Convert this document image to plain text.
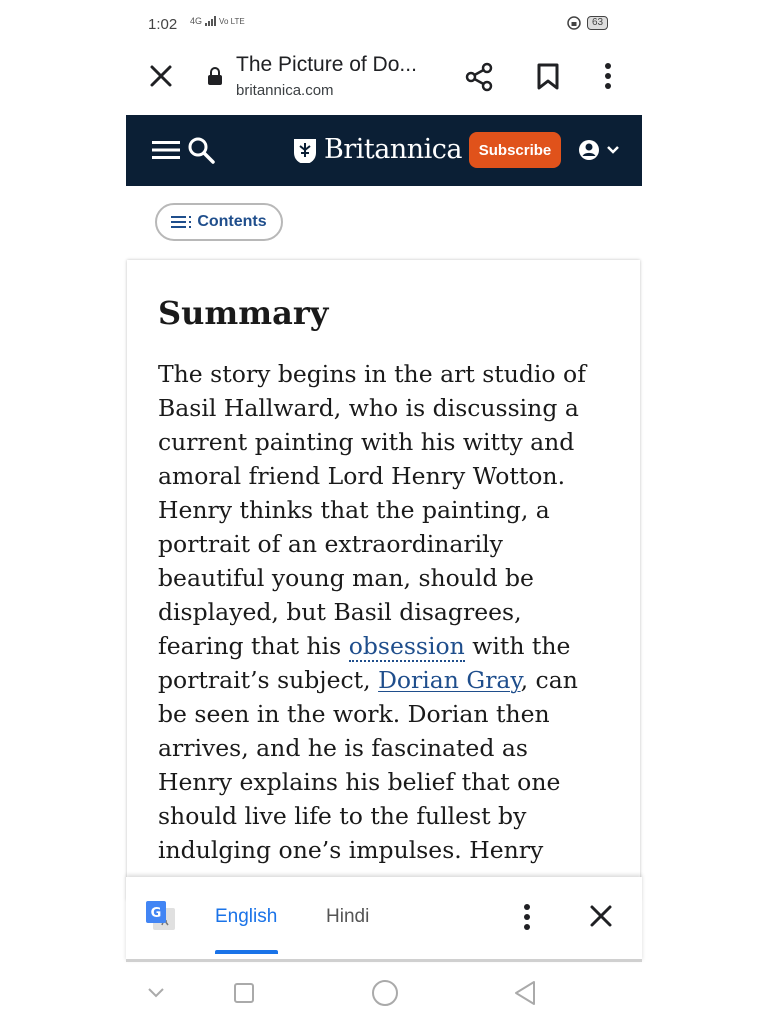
1:02 4G Vo LTE	63
The Picture of Do...
britannica.com
Britannica	Subscribe
Contents
Summary
The story begins in the art studio of
Basil Hallward, who is discussing a
current painting with his witty and
amoral friend Lord Henry Wotton.
Henry thinks that the painting, a
portrait of an extraordinarily
beautiful young man, should be
displayed, but Basil disagrees,
fearing that his obsession with the
portrait’s subject, Dorian Gray, can
be seen in the work. Dorian then
arrives, and he is fascinated as
Henry explains his belief that one
should live life to the fullest by
indulging one’s impulses. Henry
G	English	Hindi
